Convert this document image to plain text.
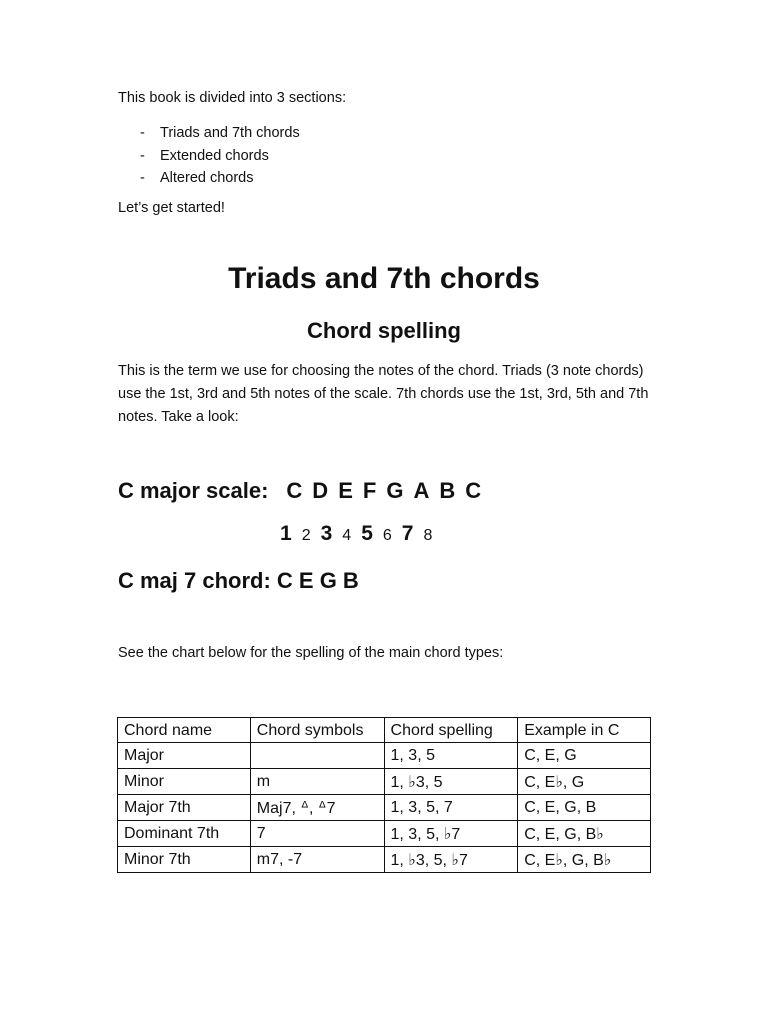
This book is divided into 3 sections:
-	Triads and 7th chords
-	Extended chords
-	Altered chords
Let’s get started!
Triads and 7th chords
Chord spelling

This is the term we use for choosing the notes of the chord. Triads (3 note chords) use the 1st, 3rd and 5th notes of the scale. 7th chords use the 1st, 3rd, 5th and 7th notes. Take a look:

C major scale: C D E F G A B C
1 2 3 4 5 6 7 8
C maj 7 chord: C E G B
See the chart below for the spelling of the main chord types:
Chord name	Chord symbols	Chord spelling	Example in C
Major		1, 3, 5	C, E, G
Minor	m	1, ♭3, 5	C, E♭, G
Major 7th	Maj7, ᐞ, ᐞ7	1, 3, 5, 7	C, E, G, B
Dominant 7th	7	1, 3, 5, ♭7	C, E, G, B♭
Minor 7th	m7, -7	1, ♭3, 5, ♭7	C, E♭, G, B♭
